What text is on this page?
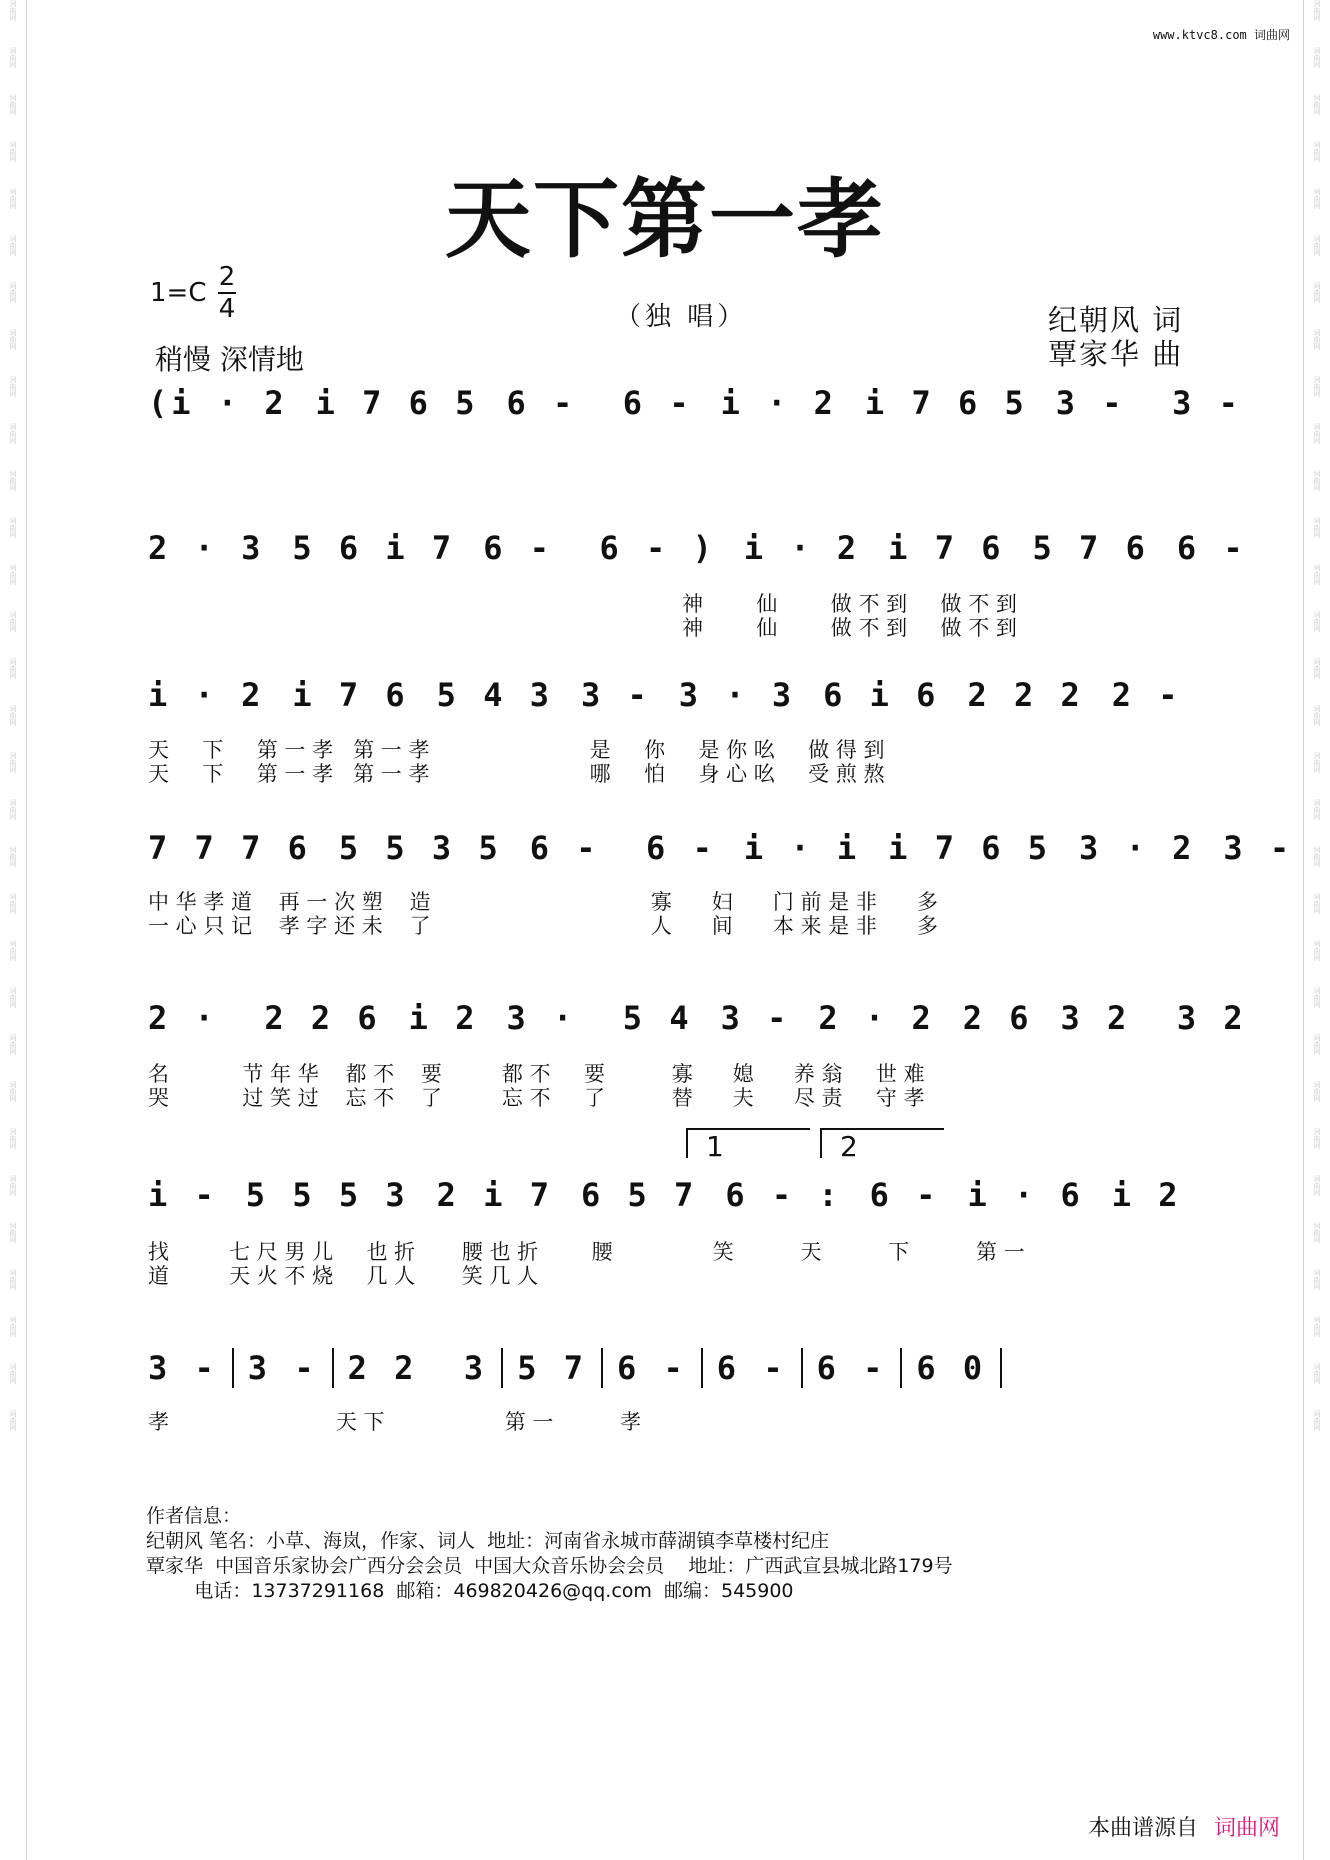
词曲网
词曲网
词曲网
词曲网
词曲网
词曲网
词曲网
词曲网
词曲网
词曲网
词曲网
词曲网
词曲网
词曲网
词曲网
词曲网
词曲网
词曲网
词曲网
词曲网
词曲网
词曲网
词曲网
词曲网
词曲网
词曲网
词曲网
词曲网
词曲网
词曲网
词曲网
词曲网
词曲网
词曲网
词曲网
词曲网
词曲网
词曲网
词曲网
词曲网
词曲网
词曲网
词曲网
词曲网
词曲网
词曲网
词曲网
词曲网
词曲网
词曲网
词曲网
词曲网
词曲网
词曲网
词曲网
词曲网
词曲网
词曲网
词曲网
词曲网
词曲网
词曲网
www.ktvc8.com 词曲网
天下第一孝
1=C
2
4
稍慢 深情地
（独 唱）	纪朝风 词
覃家华 曲
(i · 2 i 7 6 5 6 -  6 - i · 2 i 7 6 5 3 -  3 -
2 · 3 5 6 i 7 6 -  6 - ) i · 2 i 7 6 5 7 6 6 -
i · 2 i 7 6 5 4 3 3 - 3 · 3 6 i 6 2 2 2 2 -
7 7 7 6 5 5 3 5 6 -  6 - i · i i 7 6 5 3 · 2 3 -
2 ·  2 2 6 i 2 3 ·  5 4 3 - 2 · 2 2 6 3 2  3 2
i - 5 5 5 3 2 i 7 6 5 7 6 - : 6 - i · 6 i 2
3 - 3 - 2 2  3 5 7 6 - 6 - 6 - 6 0
1	2
神        仙        做 不 到     做 不 到
神        仙        做 不 到     做 不 到
天     下     第 一 孝   第 一 孝                        是     你     是 你 吆     做 得 到
天     下     第 一 孝   第 一 孝                        哪     怕     身 心 吆     受 煎 熬
中 华 孝 道    再 一 次 塑    造                                 寡      妇      门 前 是 非      多
一 心 只 记    孝 字 还 未    了                                 人      间      本 来 是 非      多
名           节 年 华    都 不    要         都 不     要          寡      媳      养 翁     世 难
哭           过 笑 过    忘 不    了         忘 不     了          替      夫      尽 责     守 孝
找         七 尺 男 儿     也 折       腰 也 折        腰               笑          天          下          第 一
道         天 火 不 烧     几 人       笑 几 人
孝                         天 下                  第 一          孝
作者信息：
纪朝风 笔名：小草、海岚，作家、词人  地址：河南省永城市薛湖镇李草楼村纪庄
覃家华  中国音乐家协会广西分会会员  中国大众音乐协会会员    地址：广西武宣县城北路179号
电话：13737291168  邮箱：469820426@qq.com  邮编：545900
本曲谱源自 词曲网
